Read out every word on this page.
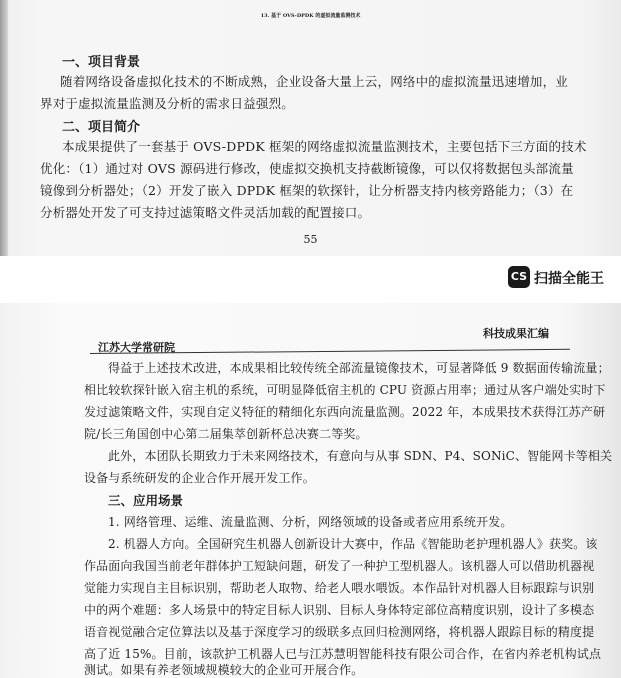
13. 基于 OVS-DPDK 的虚拟流量监测技术
一、项目背景
随着网络设备虚拟化技术的不断成熟，企业设备大量上云，网络中的虚拟流量迅速增加，业
界对于虚拟流量监测及分析的需求日益强烈。
二、项目简介
本成果提供了一套基于 OVS-DPDK 框架的网络虚拟流量监测技术，主要包括下三方面的技术
优化：（1）通过对 OVS 源码进行修改，使虚拟交换机支持截断镜像，可以仅将数据包头部流量
镜像到分析器处；（2）开发了嵌入 DPDK 框架的软探针，让分析器支持内核旁路能力；（3）在
分析器处开发了可支持过滤策略文件灵活加载的配置接口。
55
CS 扫描全能王
科技成果汇编
江苏大学常研院
得益于上述技术改进，本成果相比较传统全部流量镜像技术，可显著降低 9 数据面传输流量；
相比较软探针嵌入宿主机的系统，可明显降低宿主机的 CPU 资源占用率；通过从客户端处实时下
发过滤策略文件，实现自定义特征的精细化东西向流量监测。2022 年，本成果技术获得江苏产研
院/长三角国创中心第二届集萃创新杯总决赛二等奖。
此外，本团队长期致力于未来网络技术，有意向与从事 SDN、P4、SONiC、智能网卡等相关
设备与系统研发的企业合作开展开发工作。
三、应用场景
1. 网络管理、运维、流量监测、分析，网络领域的设备或者应用系统开发。
2. 机器人方向。全国研究生机器人创新设计大赛中，作品《智能助老护理机器人》获奖。该
作品面向我国当前老年群体护工短缺问题，研发了一种护工型机器人。该机器人可以借助机器视
觉能力实现自主目标识别，帮助老人取物、给老人喂水喂饭。本作品针对机器人目标跟踪与识别
中的两个难题：多人场景中的特定目标人识别、目标人身体特定部位高精度识别，设计了多模态
语音视觉融合定位算法以及基于深度学习的级联多点回归检测网络，将机器人跟踪目标的精度提
高了近 15%。目前，该款护工机器人已与江苏慧明智能科技有限公司合作，在省内养老机构试点
测试。如果有养老领域规模较大的企业可开展合作。
